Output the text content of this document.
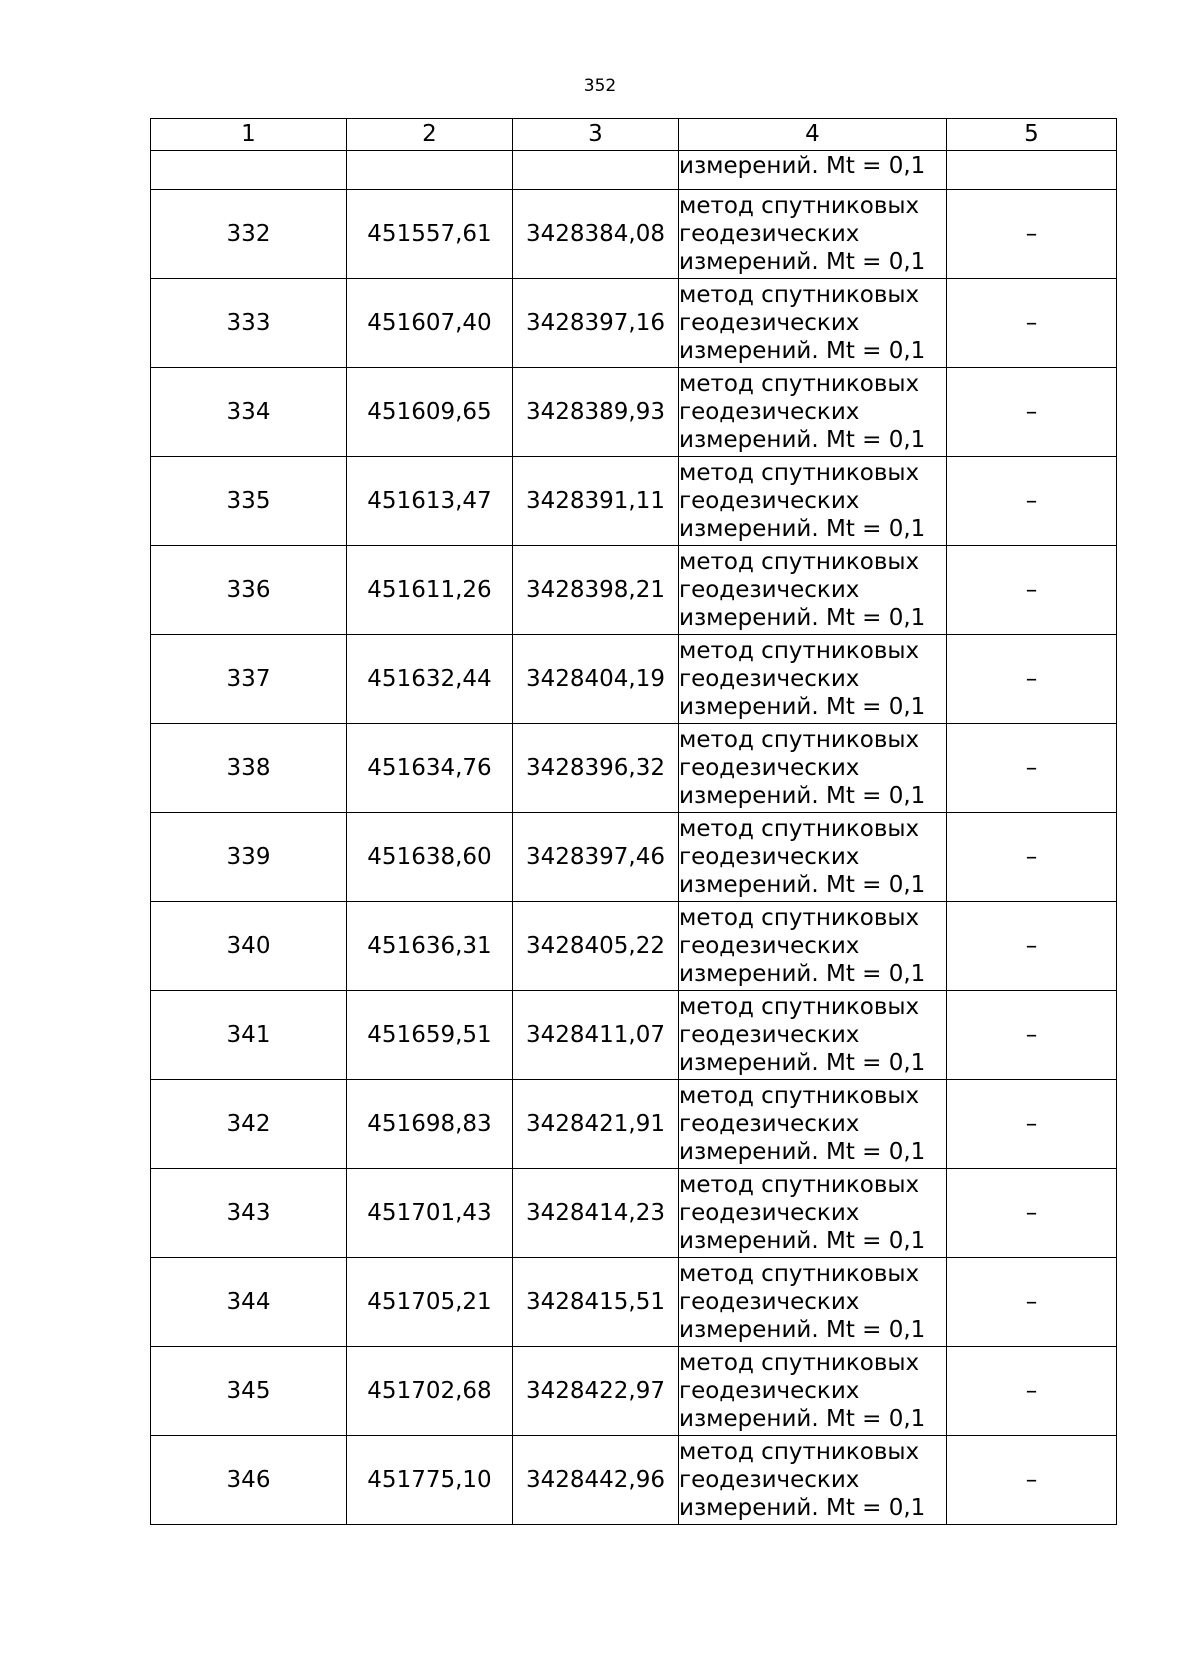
352
1	2	3	4	5
			измерений. Mt = 0,1	
332	451557,61	3428384,08	метод спутниковых
геодезических
измерений. Mt = 0,1	–
333	451607,40	3428397,16	метод спутниковых
геодезических
измерений. Mt = 0,1	–
334	451609,65	3428389,93	метод спутниковых
геодезических
измерений. Mt = 0,1	–
335	451613,47	3428391,11	метод спутниковых
геодезических
измерений. Mt = 0,1	–
336	451611,26	3428398,21	метод спутниковых
геодезических
измерений. Mt = 0,1	–
337	451632,44	3428404,19	метод спутниковых
геодезических
измерений. Mt = 0,1	–
338	451634,76	3428396,32	метод спутниковых
геодезических
измерений. Mt = 0,1	–
339	451638,60	3428397,46	метод спутниковых
геодезических
измерений. Mt = 0,1	–
340	451636,31	3428405,22	метод спутниковых
геодезических
измерений. Mt = 0,1	–
341	451659,51	3428411,07	метод спутниковых
геодезических
измерений. Mt = 0,1	–
342	451698,83	3428421,91	метод спутниковых
геодезических
измерений. Mt = 0,1	–
343	451701,43	3428414,23	метод спутниковых
геодезических
измерений. Mt = 0,1	–
344	451705,21	3428415,51	метод спутниковых
геодезических
измерений. Mt = 0,1	–
345	451702,68	3428422,97	метод спутниковых
геодезических
измерений. Mt = 0,1	–
346	451775,10	3428442,96	метод спутниковых
геодезических
измерений. Mt = 0,1	–
